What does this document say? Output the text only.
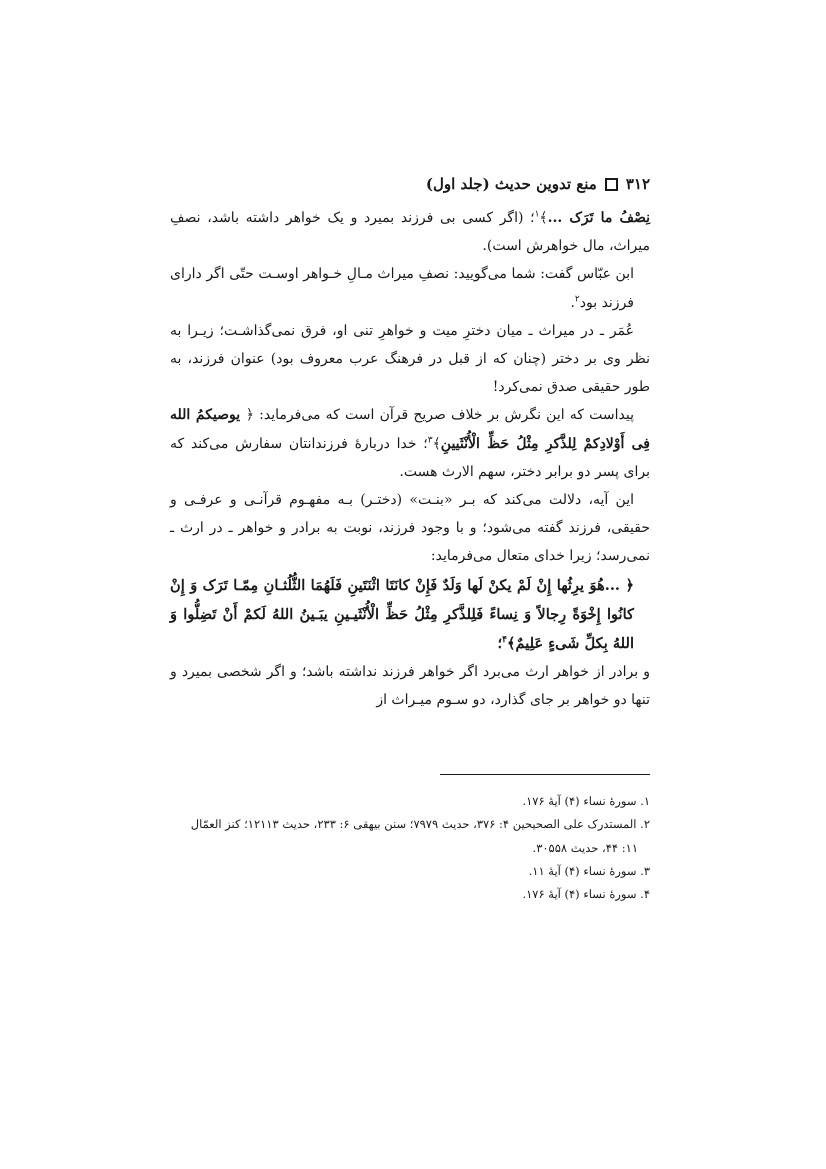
۳۱۲
منع تدوین حدیث (جلد اول)

نِصْفُ ما تَرَک ...﴾$^۱$؛ (اگر کسی بی فرزند بمیرد و یک خواهر داشته باشد، نصفِ میراث، مال خواهرش است).

ابن عبّاس گفت: شما می‌گویید: نصفِ میراث مـالِ خـواهر اوسـت حتّی اگر دارای فرزند بود$^۲$.

عُمَر ـ در میراث ـ میان دخترِ میت و خواهرِ تنی او، فرق نمی‌گذاشـت؛ زیـرا به نظر وی بر دختر (چنان که از قبل در فرهنگ عرب معروف بود) عنوان فرزند، به طور حقیقی صدق نمی‌کرد!

پیداست که این نگرش بر خلاف صریح قرآن است که می‌فرماید: ﴿ یوصیکمُ الله فِی أَوْلادِکمْ لِلذَّکرِ مِثْلُ حَظِّ الْأُنْثَیینِ﴾$^۳$؛ خدا دربارهٔ فرزندانتان سفارش می‌کند که برای پسر دو برابر دختر، سهم الارث هست.

این آیه، دلالت می‌کند که بـر «بنـت» (دختـر) بـه مفهـوم قرآنـی و عرفـی و حقیقی، فرزند گفته می‌شود؛ و با وجود فرزند، نوبت به برادر و خواهر ـ در ارث ـ نمی‌رسد؛ زیرا خدای متعال می‌فرماید:

﴿ ...هُوَ یرِثُها إِنْ لَمْ یکنْ لَها وَلَدٌ فَإِنْ کانَتَا اثْنَتَینِ فَلَهُمَا الثُّلُثـانِ مِمّـا تَرَک وَ إِنْ کانُوا إِخْوَةً رِجالاً وَ نِساءً فَلِلذَّکرِ مِثْلُ حَظِّ الْأُنْثَیـینِ یبَـینُ اللهُ لَکمْ أَنْ تَضِلُّوا وَ اللهُ بِکلِّ شَیءٍ عَلِیمٌ﴾$^۴$؛

و برادر از خواهر ارث می‌برد اگر خواهر فرزند نداشته باشد؛ و اگر شخصی بمیرد و تنها دو خواهر بر جای گذارد، دو سـوم میـراث از

۱. سورهٔ نساء (۴) آیهٔ ۱۷۶.

۲. المستدرک علی الصحیحین ۴: ۳۷۶، حدیث ۷۹۷۹؛ سنن بیهقی ۶: ۲۳۳، حدیث ۱۲۱۱۳؛ کنز العمّال

۱۱: ۴۴، حدیث ۳۰۵۵۸.

۳. سورهٔ نساء (۴) آیهٔ ۱۱.

۴. سورهٔ نساء (۴) آیهٔ ۱۷۶.
